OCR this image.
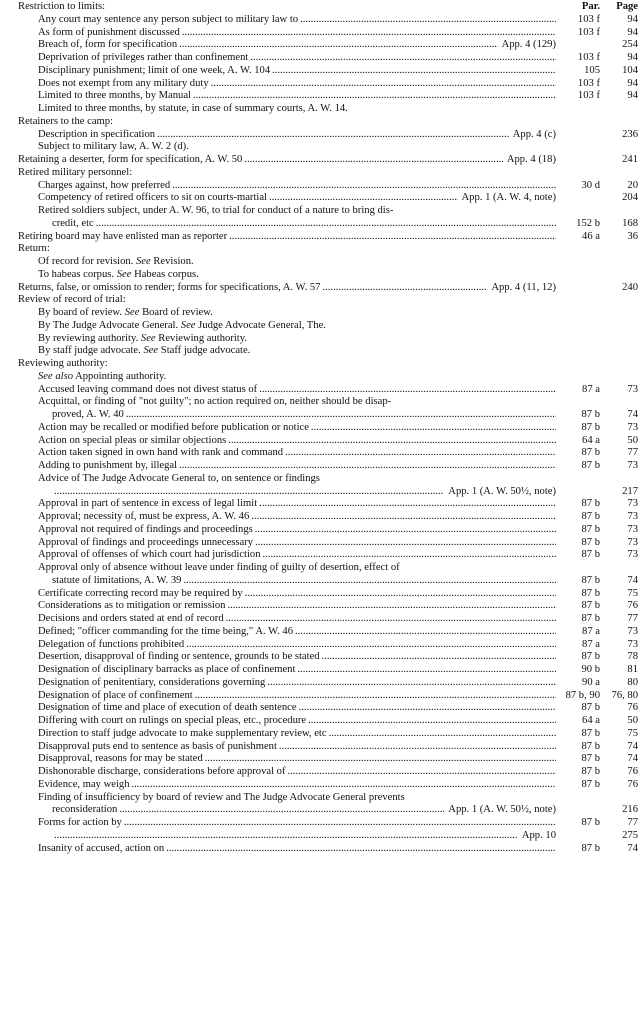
Par.	Page
Restriction to limits:
Any court may sentence any person subject to military law to .....	103 f	94
As form of punishment discussed .....	103 f	94
Breach of, form for specification .....	App. 4 (129)	254
Deprivation of privileges rather than confinement .....	103 f	94
Disciplinary punishment; limit of one week, A. W. 104 .....	105	104
Does not exempt from any military duty .....	103 f	94
Limited to three months, by Manual .....	103 f	94
Limited to three months, by statute, in case of summary courts, A. W. 14.
Retainers to the camp:
Description in specification .....	App. 4 (c)	236
Subject to military law, A. W. 2 (d).
Retaining a deserter, form for specification, A. W. 50 .....	App. 4 (18)	241
Retired military personnel:
Charges against, how preferred .....	30 d	20
Competency of retired officers to sit on courts-martial .....	App. 1 (A. W. 4, note)	204
Retired soldiers subject, under A. W. 96, to trial for conduct of a nature to bring dis-
credit, etc .....	152 b	168
Retiring board may have enlisted man as reporter .....	46 a	36
Return:
Of record for revision. See Revision.
To habeas corpus. See Habeas corpus.
Returns, false, or omission to render; forms for specifications, A. W. 57 .....	App. 4 (11, 12)	240
Review of record of trial:
By board of review. See Board of review.
By The Judge Advocate General. See Judge Advocate General, The.
By reviewing authority. See Reviewing authority.
By staff judge advocate. See Staff judge advocate.
Reviewing authority:
See also Appointing authority.
Accused leaving command does not divest status of .....	87 a	73
Acquittal, or finding of "not guilty"; no action required on, neither should be disap-
proved, A. W. 40 .....	87 b	74
Action may be recalled or modified before publication or notice .....	87 b	73
Action on special pleas or similar objections .....	64 a	50
Action taken signed in own hand with rank and command .....	87 b	77
Adding to punishment by, illegal .....	87 b	73
Advice of The Judge Advocate General to, on sentence or findings
.....
App. 1 (A. W. 50½, note)	217
Approval in part of sentence in excess of legal limit .....	87 b	73
Approval; necessity of, must be express, A. W. 46 .....	87 b	73
Approval not required of findings and proceedings .....	87 b	73
Approval of findings and proceedings unnecessary .....	87 b	73
Approval of offenses of which court had jurisdiction .....	87 b	73
Approval only of absence without leave under finding of guilty of desertion, effect of
statute of limitations, A. W. 39 .....	87 b	74
Certificate correcting record may be required by .....	87 b	75
Considerations as to mitigation or remission .....	87 b	76
Decisions and orders stated at end of record .....	87 b	77
Defined; "officer commanding for the time being," A. W. 46 .....	87 a	73
Delegation of functions prohibited .....	87 a	73
Desertion, disapproval of finding or sentence, grounds to be stated .....	87 b	78
Designation of disciplinary barracks as place of confinement .....	90 b	81
Designation of penitentiary, considerations governing .....	90 a	80
Designation of place of confinement .....	87 b, 90	76, 80
Designation of time and place of execution of death sentence .....	87 b	76
Differing with court on rulings on special pleas, etc., procedure .....	64 a	50
Direction to staff judge advocate to make supplementary review, etc .....	87 b	75
Disapproval puts end to sentence as basis of punishment .....	87 b	74
Disapproval, reasons for may be stated .....	87 b	74
Dishonorable discharge, considerations before approval of .....	87 b	76
Evidence, may weigh .....	87 b	76
Finding of insufficiency by board of review and The Judge Advocate General prevents
reconsideration .....	App. 1 (A. W. 50½, note)	216
Forms for action by .....	87 b	77
.....
App. 10	275
Insanity of accused, action on .....	87 b	74
